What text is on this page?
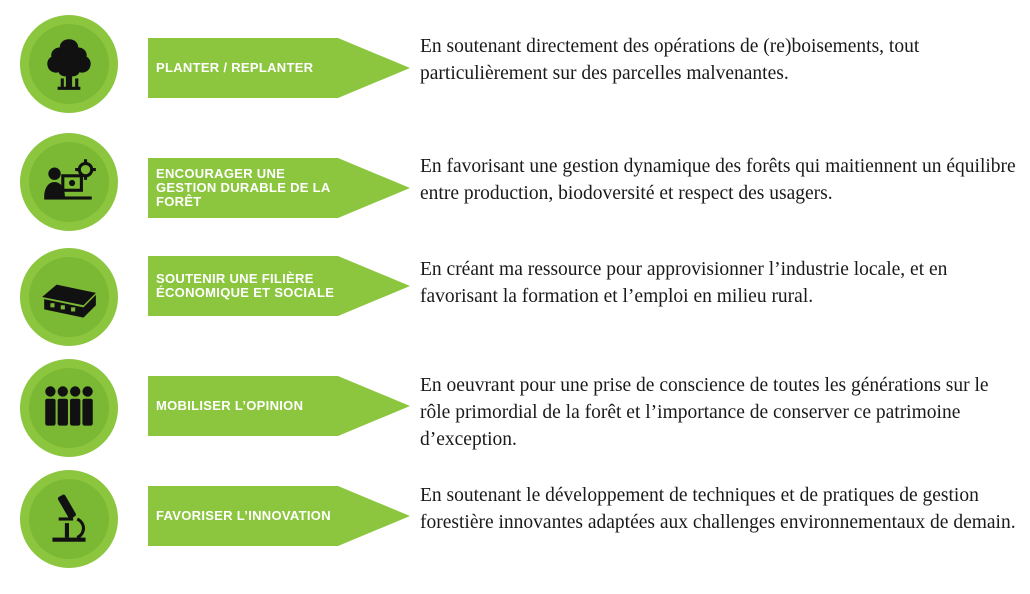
PLANTER / REPLANTER
En soutenant directement des opérations de (re)boisements, tout particulièrement sur des parcelles malvenantes.
ENCOURAGER UNE GESTION DURABLE DE LA FORÊT
En favorisant une gestion dynamique des forêts qui maitiennent un équilibre entre production, biodoversité et respect des usagers.
SOUTENIR UNE FILIÈRE ÉCONOMIQUE ET SOCIALE
En créant ma ressource pour approvisionner l’industrie locale, et en favorisant la formation et l’emploi en milieu rural.
MOBILISER L’OPINION
En oeuvrant pour une prise de conscience de toutes les générations sur le rôle primordial de la forêt et l’importance de conserver ce patrimoine d’exception.
FAVORISER L’INNOVATION
En soutenant le développement de techniques et de pratiques de gestion forestière innovantes adaptées aux challenges environnementaux de demain.
